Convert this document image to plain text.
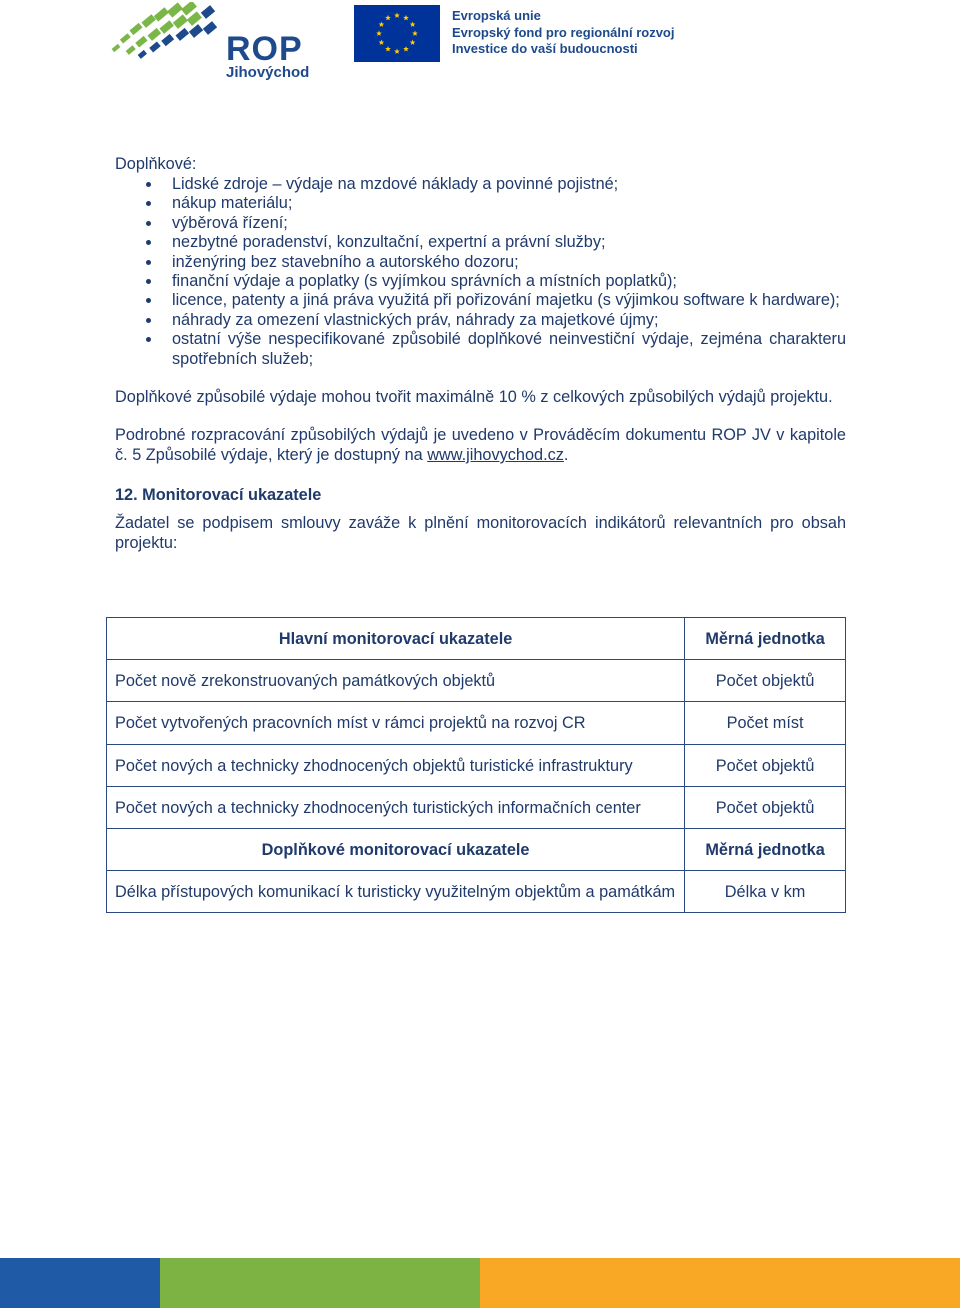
ROP
Jihovýchod
Evropská unie
Evropský fond pro regionální rozvoj
Investice do vaší budoucnosti

Doplňkové:

Lidské zdroje – výdaje na mzdové náklady a povinné pojistné;
nákup materiálu;
výběrová řízení;
nezbytné poradenství, konzultační, expertní a právní služby;
inženýring bez stavebního a autorského dozoru;
finanční výdaje a poplatky (s vyjímkou správních a místních poplatků);
licence, patenty a jiná práva využitá při pořizování majetku (s výjimkou software k hardware);
náhrady za omezení vlastnických práv, náhrady za majetkové újmy;
ostatní výše nespecifikované způsobilé doplňkové neinvestiční výdaje, zejména charakteru spotřebních služeb;

Doplňkové způsobilé výdaje mohou tvořit maximálně 10 % z celkových způsobilých výdajů projektu.

Podrobné rozpracování způsobilých výdajů je uvedeno v Prováděcím dokumentu ROP JV v kapitole č. 5 Způsobilé výdaje, který je dostupný na www.jihovychod.cz.

12. Monitorovací ukazatele

Žadatel se podpisem smlouvy zaváže k plnění monitorovacích indikátorů relevantních pro obsah projektu:

Hlavní monitorovací ukazatele	Měrná jednotka
Počet nově zrekonstruovaných památkových objektů	Počet objektů
Počet vytvořených pracovních míst v rámci projektů na rozvoj CR	Počet míst
Počet nových a technicky zhodnocených objektů turistické infrastruktury	Počet objektů
Počet nových a technicky zhodnocených turistických informačních center	Počet objektů
Doplňkové monitorovací ukazatele	Měrná jednotka
Délka přístupových komunikací k turisticky využitelným objektům a památkám	Délka v km
